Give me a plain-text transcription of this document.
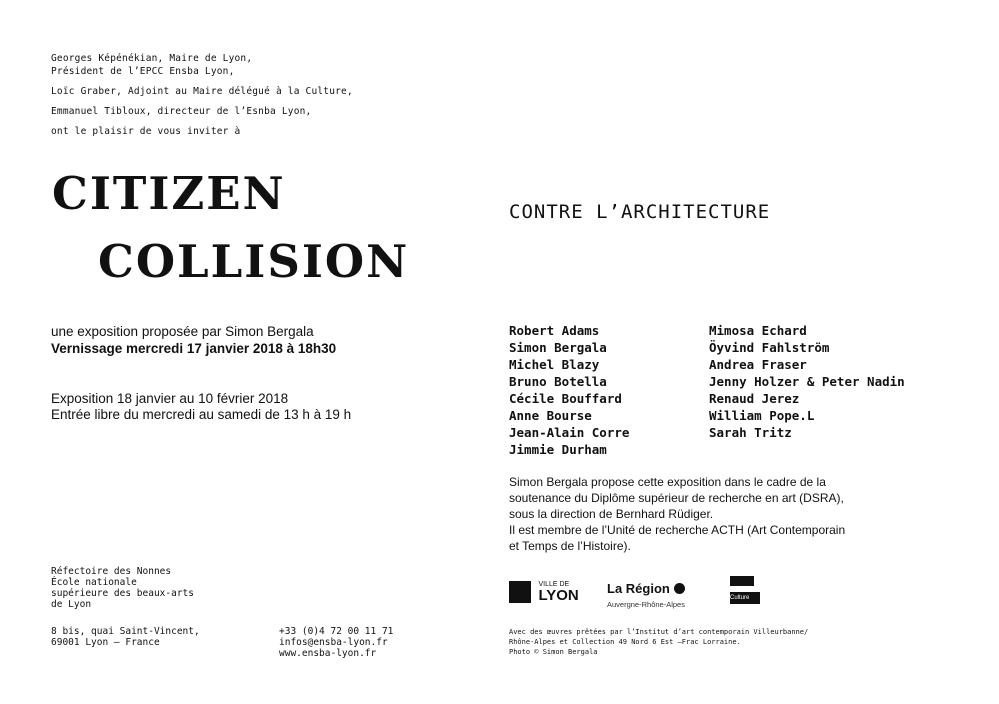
Georges Képénékian, Maire de Lyon,
Président de l’EPCC Ensba Lyon,
Loïc Graber, Adjoint au Maire délégué à la Culture,
Emmanuel Tibloux, directeur de l’Esnba Lyon,
ont le plaisir de vous inviter à
CITIZEN
COLLISION
CONTRE L’ARCHITECTURE
une exposition proposée par Simon Bergala
Vernissage mercredi 17 janvier 2018 à 18h30
Exposition 18 janvier au 10 février 2018
Entrée libre du mercredi au samedi de 13 h à 19 h
Robert Adams
Simon Bergala
Michel Blazy
Bruno Botella
Cécile Bouffard
Anne Bourse
Jean-Alain Corre
Jimmie Durham
Mimosa Echard
Öyvind Fahlström
Andrea Fraser
Jenny Holzer & Peter Nadin
Renaud Jerez
William Pope.L
Sarah Tritz
Simon Bergala propose cette exposition dans le cadre de la
soutenance du Diplôme supérieur de recherche en art (DSRA),
sous la direction de Bernhard Rüdiger.
Il est membre de l’Unité de recherche ACTH (Art Contemporain
et Temps de l’Histoire).
Réfectoire des Nonnes
École nationale
supérieure des beaux-arts
de Lyon
8 bis, quai Saint-Vincent,
69001 Lyon — France
+33 (0)4 72 00 11 71
infos@ensba-lyon.fr
www.ensba-lyon.fr

VILLE DE
LYON La Région
Auvergne-Rhône-Alpes
Culture
Avec des œuvres prêtées par l’Institut d’art contemporain Villeurbanne/
Rhône-Alpes et Collection 49 Nord 6 Est –Frac Lorraine.
Photo © Simon Bergala
